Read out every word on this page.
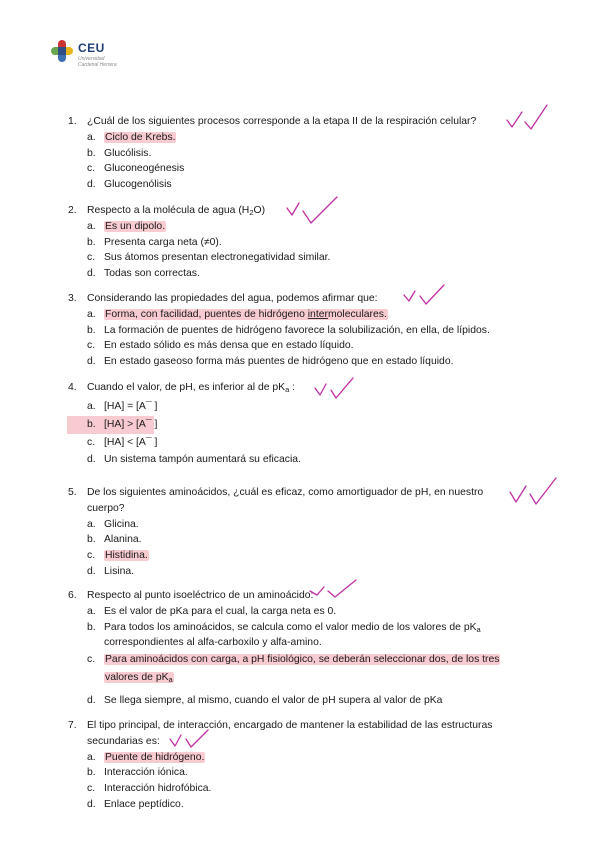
CEU
Universidad
Cardenal Herrera
1. ¿Cuál de los siguientes procesos corresponde a la etapa II de la respiración celular?
a. Ciclo de Krebs.
b. Glucólisis.
c. Gluconeogénesis
d. Glucogenólisis
2. Respecto a la molécula de agua $(H_2O)$
a. Es un dipolo.
b. Presenta carga neta (≠0).
c. Sus átomos presentan electronegatividad similar.
d. Todas son correctas.
3. Considerando las propiedades del agua, podemos afirmar que:
a. Forma, con facilidad, puentes de hidrógeno intermoleculares.
b. La formación de puentes de hidrógeno favorece la solubilización, en ella, de lípidos.
c. En estado sólido es más densa que en estado líquido.
d. En estado gaseoso forma más puentes de hidrógeno que en estado líquido.
4. Cuando el valor, de pH, es inferior al de $pK_a$ :
a. [HA] = [A¯ ]
b. [HA] > [A¯ ]
c. [HA] < [A¯ ]
d. Un sistema tampón aumentará su eficacia.
5. De los siguientes aminoácidos, ¿cuál es eficaz, como amortiguador de pH, en nuestro cuerpo?
a. Glicina.
b. Alanina.
c. Histidina.
d. Lisina.
6. Respecto al punto isoeléctrico de un aminoácido:
a. Es el valor de pKa para el cual, la carga neta es 0.
b. Para todos los aminoácidos, se calcula como el valor medio de los valores de $pK_a$
correspondientes al alfa-carboxilo y alfa-amino.
c. Para aminoácidos con carga, a pH fisiológico, se deberán seleccionar dos, de los tres
valores de $pK_a$
d. Se llega siempre, al mismo, cuando el valor de pH supera al valor de pKa
7. El tipo principal, de interacción, encargado de mantener la estabilidad de las estructuras
secundarias es:
a. Puente de hidrógeno.
b. Interacción iónica.
c. Interacción hidrofóbica.
d. Enlace peptídico.
